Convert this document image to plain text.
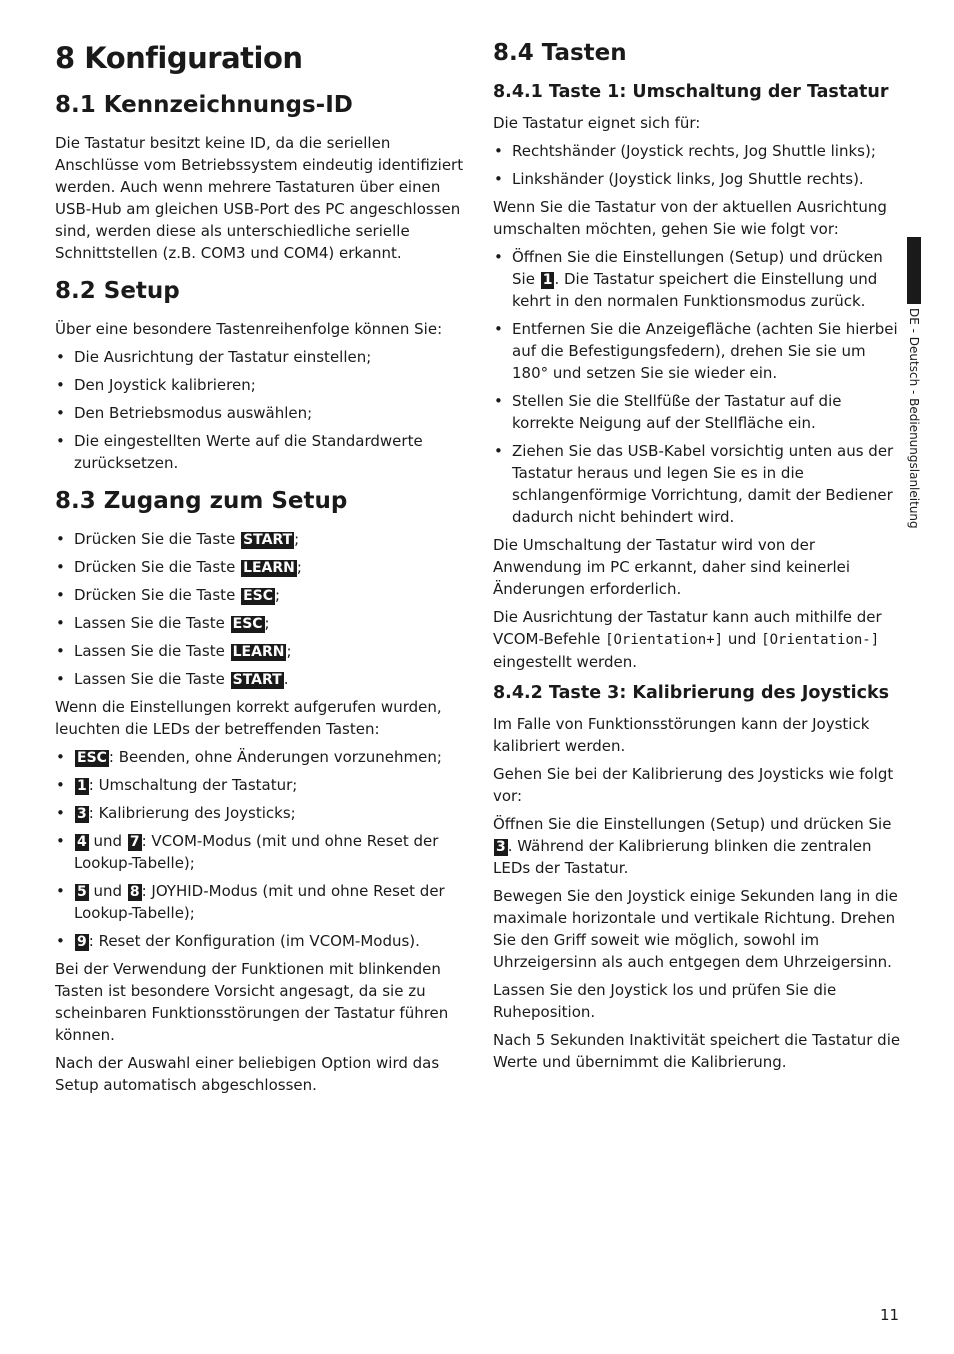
8 Konfiguration
8.1 Kennzeichnungs-ID

Die Tastatur besitzt keine ID, da die seriellen Anschlüsse vom Betriebssystem eindeutig identifiziert werden. Auch wenn mehrere Tastaturen über einen USB-Hub am gleichen USB-Port des PC angeschlossen sind, werden diese als unterschiedliche serielle Schnittstellen (z.B. COM3 und COM4) erkannt.

8.2 Setup

Über eine besondere Tastenreihenfolge können Sie:

• Die Ausrichtung der Tastatur einstellen;
• Den Joystick kalibrieren;
• Den Betriebsmodus auswählen;
• Die eingestellten Werte auf die Standardwerte zurücksetzen.
8.3 Zugang zum Setup
• Drücken Sie die Taste START ;
• Drücken Sie die Taste LEARN ;
• Drücken Sie die Taste ESC ;
• Lassen Sie die Taste ESC ;
• Lassen Sie die Taste LEARN ;
• Lassen Sie die Taste START .

Wenn die Einstellungen korrekt aufgerufen wurden, leuchten die LEDs der betreffenden Tasten:

• ESC : Beenden, ohne Änderungen vorzunehmen;
• 1 : Umschaltung der Tastatur;
• 3 : Kalibrierung des Joysticks;
• 4 und 7 : VCOM-Modus (mit und ohne Reset der Lookup-Tabelle);
• 5 und 8 : JOYHID-Modus (mit und ohne Reset der Lookup-Tabelle);
• 9 : Reset der Konfiguration (im VCOM-Modus).

Bei der Verwendung der Funktionen mit blinkenden Tasten ist besondere Vorsicht angesagt, da sie zu scheinbaren Funktionsstörungen der Tastatur führen können.

Nach der Auswahl einer beliebigen Option wird das Setup automatisch abgeschlossen.

8.4 Tasten
8.4.1 Taste 1: Umschaltung der Tastatur

Die Tastatur eignet sich für:

• Rechtshänder (Joystick rechts, Jog Shuttle links);
• Linkshänder (Joystick links, Jog Shuttle rechts).

Wenn Sie die Tastatur von der aktuellen Ausrichtung umschalten möchten, gehen Sie wie folgt vor:

• Öffnen Sie die Einstellungen (Setup) und drücken Sie 1 . Die Tastatur speichert die Einstellung und kehrt in den normalen Funktionsmodus zurück.
• Entfernen Sie die Anzeigefläche (achten Sie hierbei auf die Befestigungsfedern), drehen Sie sie um 180° und setzen Sie sie wieder ein.
• Stellen Sie die Stellfüße der Tastatur auf die korrekte Neigung auf der Stellfläche ein.
• Ziehen Sie das USB-Kabel vorsichtig unten aus der Tastatur heraus und legen Sie es in die schlangenförmige Vorrichtung, damit der Bediener dadurch nicht behindert wird.

Die Umschaltung der Tastatur wird von der Anwendung im PC erkannt, daher sind keinerlei Änderungen erforderlich.

Die Ausrichtung der Tastatur kann auch mithilfe der VCOM-Befehle [Orientation+] und [Orientation-] eingestellt werden.

8.4.2 Taste 3: Kalibrierung des Joysticks

Im Falle von Funktionsstörungen kann der Joystick kalibriert werden.

Gehen Sie bei der Kalibrierung des Joysticks wie folgt vor:

Öffnen Sie die Einstellungen (Setup) und drücken Sie 3 . Während der Kalibrierung blinken die zentralen LEDs der Tastatur.

Bewegen Sie den Joystick einige Sekunden lang in die maximale horizontale und vertikale Richtung. Drehen Sie den Griff soweit wie möglich, sowohl im Uhrzeigersinn als auch entgegen dem Uhrzeigersinn.

Lassen Sie den Joystick los und prüfen Sie die Ruheposition.

Nach 5 Sekunden Inaktivität speichert die Tastatur die Werte und übernimmt die Kalibrierung.

DE - Deutsch - Bedienungslanleitung
11
